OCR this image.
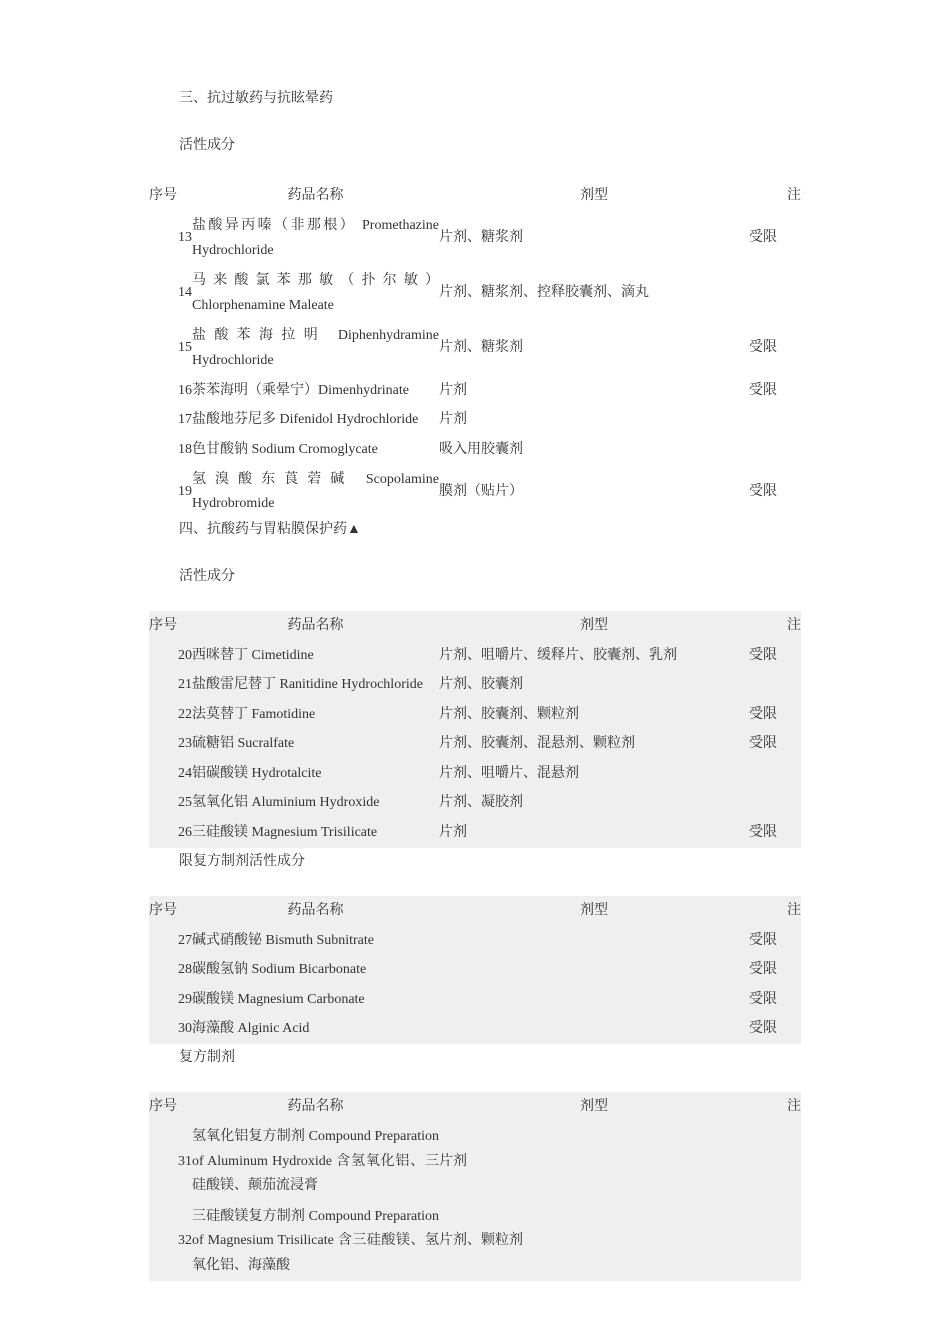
三、抗过敏药与抗眩晕药

活性成分

序号	药品名称	剂型	注
13	盐酸异丙嗪（非那根） Promethazine Hydrochloride	片剂、糖浆剂	受限
14	马来酸氯苯那敏（扑尔敏）Chlorphenamine Maleate	片剂、糖浆剂、控释胶囊剂、滴丸	
15	盐酸苯海拉明 Diphenhydramine Hydrochloride	片剂、糖浆剂	受限
16	茶苯海明（乘晕宁）Dimenhydrinate	片剂	受限
17	盐酸地芬尼多 Difenidol Hydrochloride	片剂	
18	色甘酸钠 Sodium Cromoglycate	吸入用胶囊剂	
19	氢溴酸东莨菪碱 Scopolamine Hydrobromide	膜剂（贴片）	受限
四、抗酸药与胃粘膜保护药▲

活性成分

序号	药品名称	剂型	注
20	西咪替丁 Cimetidine	片剂、咀嚼片、缓释片、胶囊剂、乳剂	受限
21	盐酸雷尼替丁 Ranitidine Hydrochloride	片剂、胶囊剂	
22	法莫替丁 Famotidine	片剂、胶囊剂、颗粒剂	受限
23	硫糖铝 Sucralfate	片剂、胶囊剂、混悬剂、颗粒剂	受限
24	铝碳酸镁 Hydrotalcite	片剂、咀嚼片、混悬剂	
25	氢氧化铝 Aluminium Hydroxide	片剂、凝胶剂	
26	三硅酸镁 Magnesium Trisilicate	片剂	受限

限复方制剂活性成分

序号	药品名称	剂型	注
27	碱式硝酸铋 Bismuth Subnitrate		受限
28	碳酸氢钠 Sodium Bicarbonate		受限
29	碳酸镁 Magnesium Carbonate		受限
30	海藻酸 Alginic Acid		受限

复方制剂

序号	药品名称	剂型	注
31	氢氧化铝复方制剂 Compound Preparation of Aluminum Hydroxide 含氢氧化铝、三硅酸镁、颠茄流浸膏	片剂	
32	三硅酸镁复方制剂 Compound Preparation of Magnesium Trisilicate 含三硅酸镁、氢氧化铝、海藻酸	片剂、颗粒剂	
